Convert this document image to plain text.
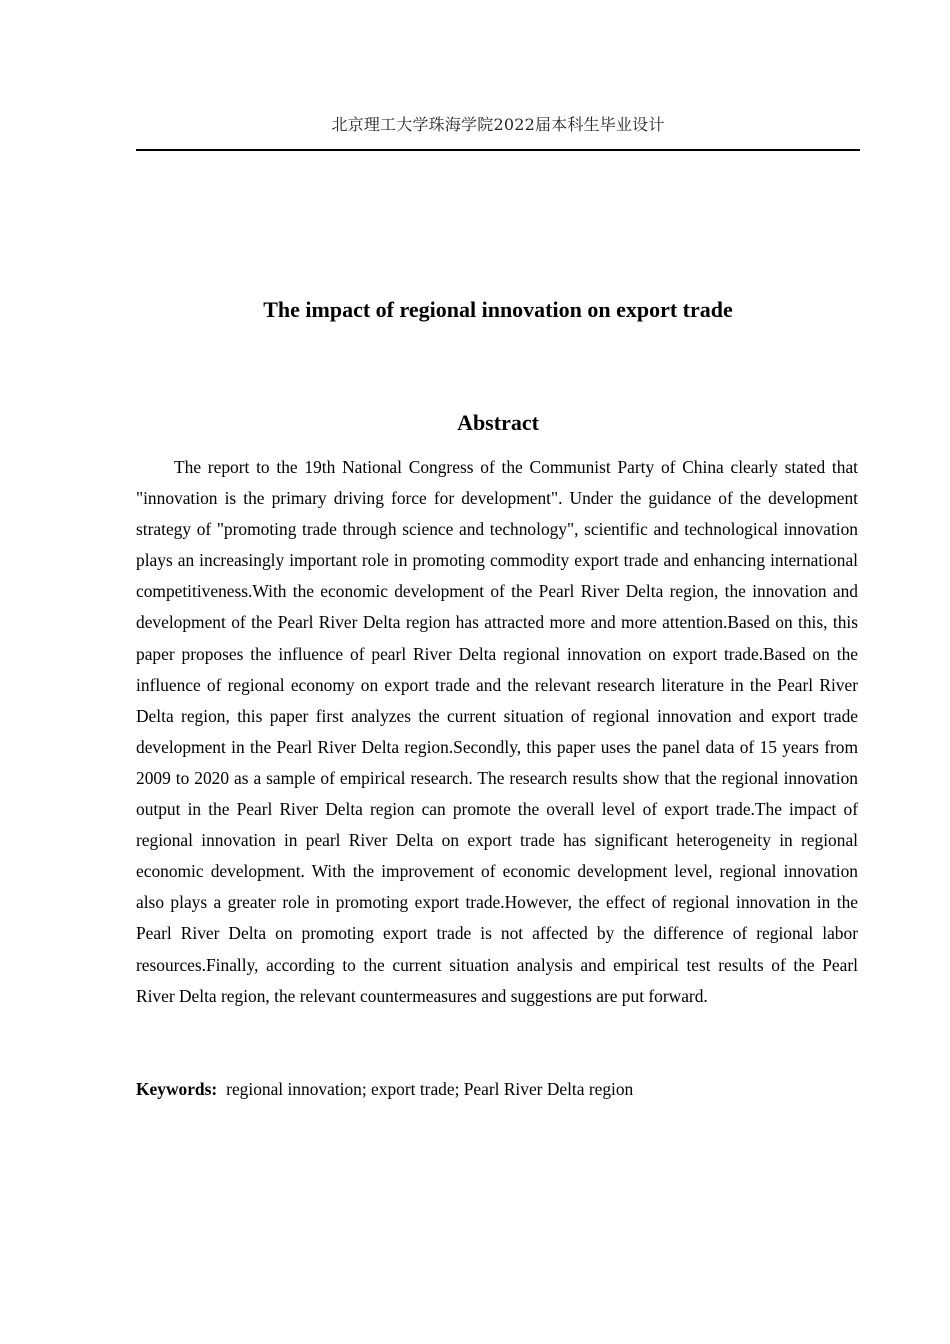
北京理工大学珠海学院2022届本科生毕业设计
The impact of regional innovation on export trade
Abstract

The report to the 19th National Congress of the Communist Party of China clearly stated that "innovation is the primary driving force for development". Under the guidance of the development strategy of "promoting trade through science and technology", scientific and technological innovation plays an increasingly important role in promoting commodity export trade and enhancing international competitiveness.With the economic development of the Pearl River Delta region, the innovation and development of the Pearl River Delta region has attracted more and more attention.Based on this, this paper proposes the influence of pearl River Delta regional innovation on export trade.Based on the influence of regional economy on export trade and the relevant research literature in the Pearl River Delta region, this paper first analyzes the current situation of regional innovation and export trade development in the Pearl River Delta region.Secondly, this paper uses the panel data of 15 years from 2009 to 2020 as a sample of empirical research. The research results show that the regional innovation output in the Pearl River Delta region can promote the overall level of export trade.The impact of regional innovation in pearl River Delta on export trade has significant heterogeneity in regional economic development. With the improvement of economic development level, regional innovation also plays a greater role in promoting export trade.However, the effect of regional innovation in the Pearl River Delta on promoting export trade is not affected by the difference of regional labor resources.Finally, according to the current situation analysis and empirical test results of the Pearl River Delta region, the relevant countermeasures and suggestions are put forward.

Keywords: regional innovation; export trade; Pearl River Delta region
